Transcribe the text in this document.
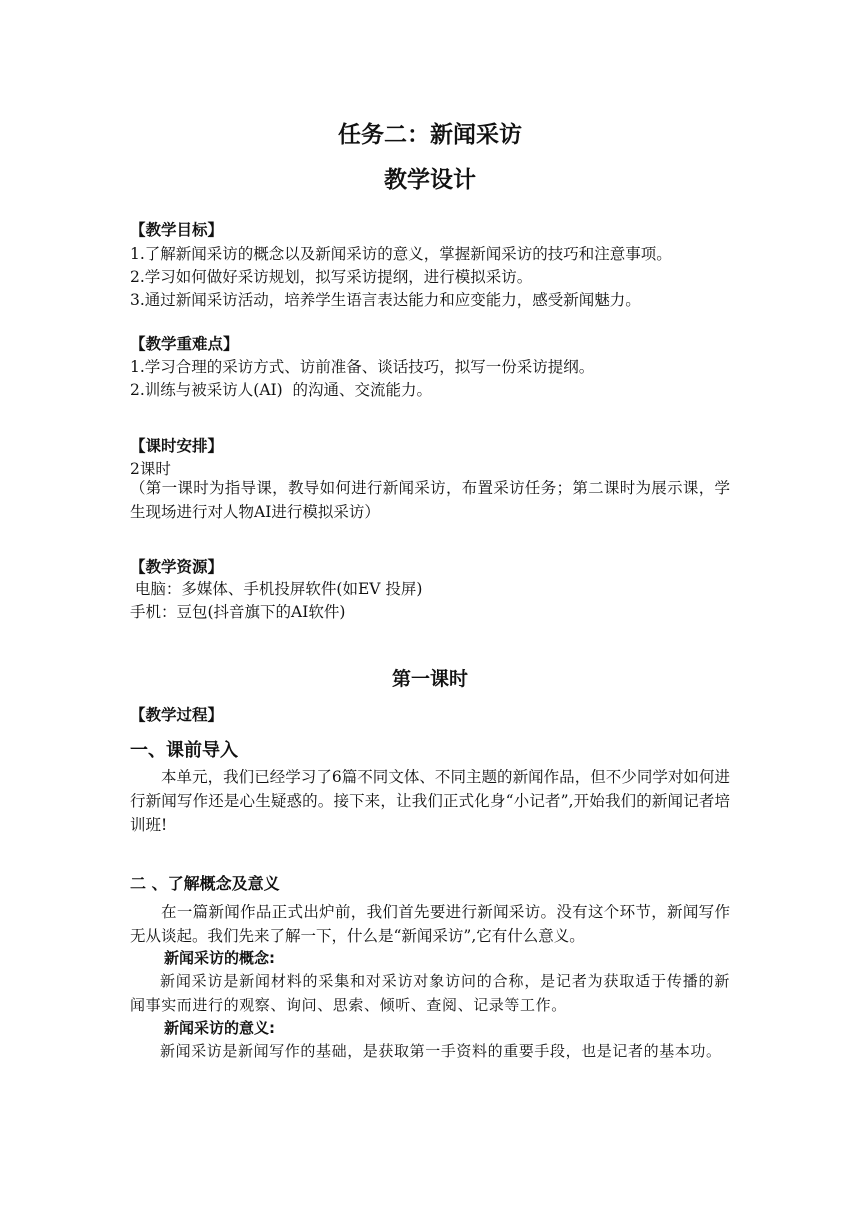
任务二：新闻采访
教学设计
【教学目标】
1.了解新闻采访的概念以及新闻采访的意义，掌握新闻采访的技巧和注意事项。
2.学习如何做好采访规划，拟写采访提纲，进行模拟采访。
3.通过新闻采访活动，培养学生语言表达能力和应变能力，感受新闻魅力。
【教学重难点】
1.学习合理的采访方式、访前准备、谈话技巧，拟写一份采访提纲。
2.训练与被采访人(AI)  的沟通、交流能力。
【课时安排】
2课时
（第一课时为指导课，教导如何进行新闻采访，布置采访任务；第二课时为展示课，学生现场进行对人物AI进行模拟采访）
【教学资源】
电脑：多媒体、手机投屏软件(如EV 投屏)
手机：豆包(抖音旗下的AI软件)
第一课时
【教学过程】
一、课前导入
本单元，我们已经学习了6篇不同文体、不同主题的新闻作品，但不少同学对如何进行新闻写作还是心生疑惑的。接下来，让我们正式化身“小记者”,开始我们的新闻记者培训班!
二 、了解概念及意义
在一篇新闻作品正式出炉前，我们首先要进行新闻采访。没有这个环节，新闻写作无从谈起。我们先来了解一下，什么是“新闻采访”,它有什么意义。
新闻采访的概念:
新闻采访是新闻材料的采集和对采访对象访问的合称，是记者为获取适于传播的新闻事实而进行的观察、询问、思索、倾听、查阅、记录等工作。
新闻采访的意义:
新闻采访是新闻写作的基础，是获取第一手资料的重要手段，也是记者的基本功。
